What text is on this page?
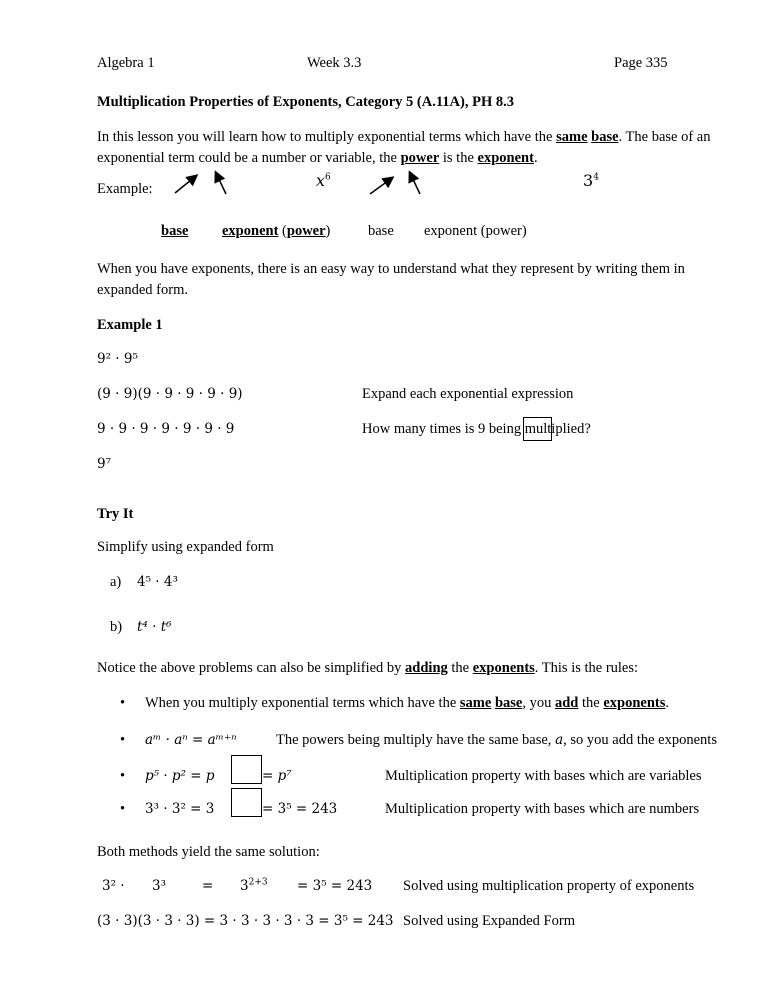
Algebra 1	Week 3.3	Page 335
Multiplication Properties of Exponents, Category 5 (A.11A), PH 8.3
In this lesson you will learn how to multiply exponential terms which have the same base. The base of an
exponential term could be a number or variable, the power is the exponent.
Example:	$x^6$	$3^4$
base exponent (power)	base exponent (power)
When you have exponents, there is an easy way to understand what they represent by writing them in
expanded form.
Example 1
9² · 9⁵
(9 · 9)(9 · 9 · 9 · 9 · 9)	Expand each exponential expression
9 · 9 · 9 · 9 · 9 · 9 · 9	How many times is 9 being multiplied?
9⁷
Try It
Simplify using expanded form
a) 4⁵ · 4³
b) t⁴ · t⁶
Notice the above problems can also be simplified by adding the exponents. This is the rules:
• When you multiply exponential terms which have the same base, you add the exponents.
• aᵐ · aⁿ = aᵐ⁺ⁿ	The powers being multiply have the same base, a, so you add the exponents
• p⁵ · p² = p	= p⁷	Multiplication property with bases which are variables
• 3³ · 3² = 3	= 3⁵ = 243	Multiplication property with bases which are numbers
Both methods yield the same solution:
3² · 3³	= $3^{2+3} = 3^5 = 243$ Solved using multiplication property of exponents
(3 · 3)(3 · 3 · 3) = 3 · 3 · 3 · 3 · 3 = 3⁵ = 243 Solved using Expanded Form
